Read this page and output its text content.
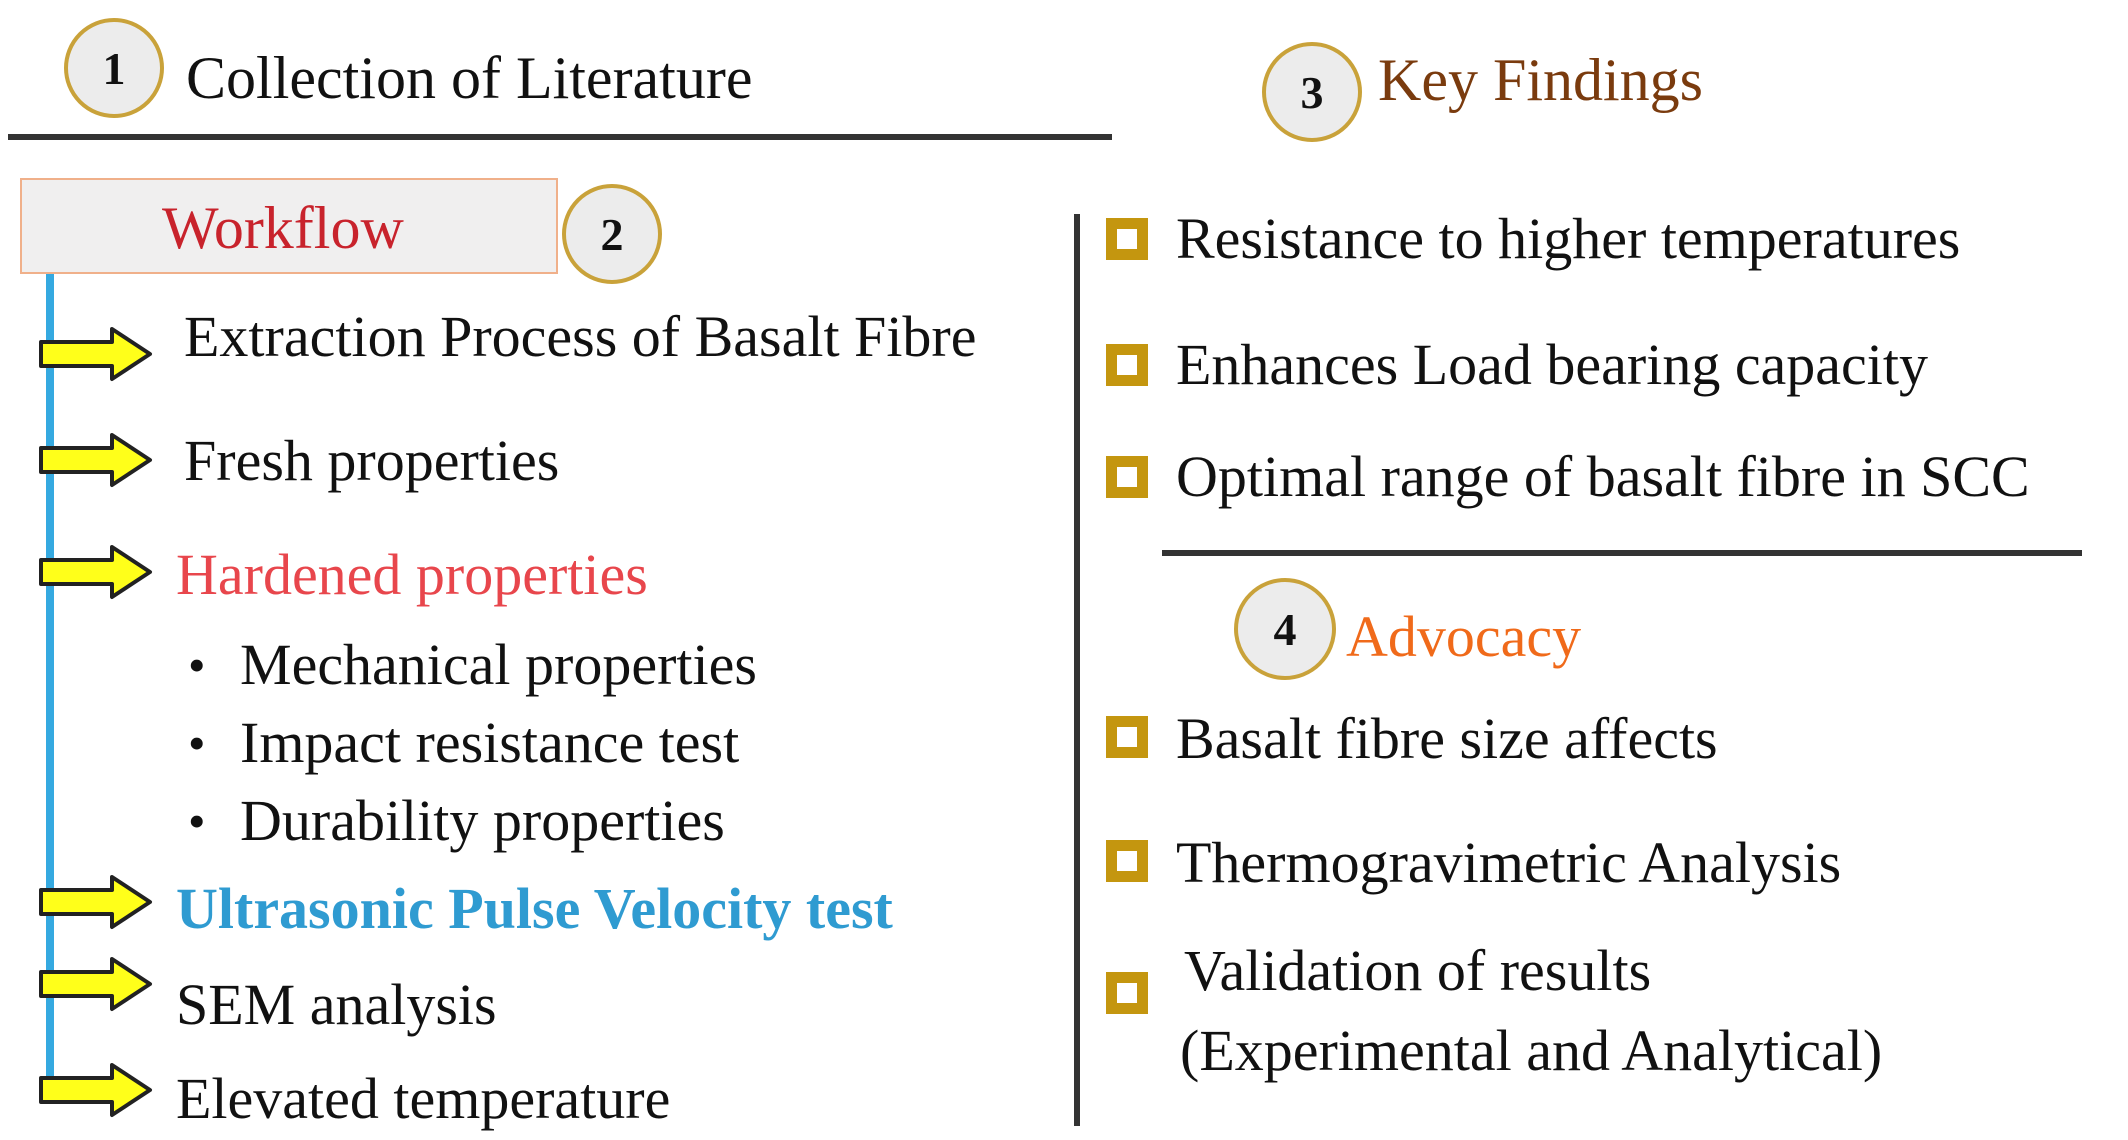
1	Collection of Literature	3 Key Findings
Workflow	2
Extraction Process of Basalt Fibre
Fresh properties
Hardened properties
• Mechanical properties
• Impact resistance test
• Durability properties
Ultrasonic Pulse Velocity test
SEM analysis
Elevated temperature
Resistance to higher temperatures
Enhances Load bearing capacity
Optimal range of basalt fibre in SCC
4 Advocacy
Basalt fibre size affects
Thermogravimetric Analysis
Validation of results
(Experimental and Analytical)
